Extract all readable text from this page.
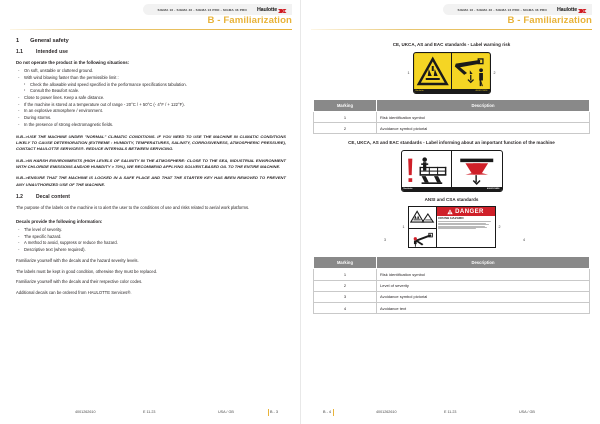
SIGMA 16 - SIGMA 46 - SIGMA 16 PRO - SIGMA 46 PRO Haulotte
B - Familiarization
1 General safety
1.1	Intended use

Do not operate the product in the following situations:

- On soft, unstable or cluttered ground.
- With wind blowing faster than the permissible limit :
• Check the allowable wind speed specified in the performance specifications tabulation.
• Consult the Beaufort scale.
- Close to power lines. Keep a safe distance.
- If the machine is stored at a temperature out of range - 20°C / + 50°C (- 4°F / + 122°F).
- In an explosive atmosphere / environment.
- During storms.
- In the presence of strong electromagnetic fields.

N.B.->USE THE MACHINE UNDER "NORMAL" CLIMATIC CONDITIONS. IF YOU NEED TO USE THE MACHINE IN CLIMATIC CONDITIONS LIKELY TO CAUSE DETERIORATION (EXTREME : HUMIDITY, TEMPERATURES, SALINITY, CORROSIVENESS, ATMOSPHERIC PRESSURE), CONTACT HAULOTTE SERVICES®. REDUCE INTERVALS BETWEEN SERVICING.

N.B.->IN HARSH ENVIRONMENTS (HIGH LEVELS OF SALINITY IN THE ATMOSPHERE: CLOSE TO THE SEA, INDUSTRIAL ENVIRONMENT WITH CHLORIDE EMISSIONS AND/OR HUMIDITY > 70%), WE RECOMMEND APPLYING SOLVENT-BASED OIL TO THE ENTIRE MACHINE.

N.B.->ENSURE THAT THE MACHINE IS LOCKED IN A SAFE PLACE AND THAT THE STARTER KEY HAS BEEN REMOVED TO PREVENT ANY UNAUTHORIZED USE OF THE MACHINE.

1.2	Decal content

The purpose of the labels on the machine is to alert the user to the conditions of use and risks related to aerial work platforms.

Decals provide the following information:

- The level of severity.
- The specific hazard.
- A method to avoid, suppress or reduce the hazard.
- Descriptive text (where required).

Familiarize yourself with the decals and the hazard severity levels.

The labels must be kept in good condition, otherwise they must be replaced.

Familiarize yourself with the decals and their respective color codes.

Additional decals can be ordered from HAULOTTE Services®.

4001262610	E 11.23	USA / GB	B - 3
SIGMA 16 - SIGMA 46 - SIGMA 16 PRO - SIGMA 46 PRO Haulotte
B - Familiarization
CE, UKCA, AS and EAC standards - Label warning risk
1
Haulotte	4000123456
2
Marking	Description
1	Risk identification symbol
2	Avoidance symbol pictorial
CE, UKCA, AS and EAC standards - Label informing about an important function of the machine
Haulotte	4000123456
ANSI and CSA standards
1
DANGER
CRUSH HAZARD
2
3	4
Marking	Description
1	Risk identification symbol
2	Level of severity
3	Avoidance symbol pictorial
4	Avoidance text
B - 4	4001262610	E 11.23	USA / GB
